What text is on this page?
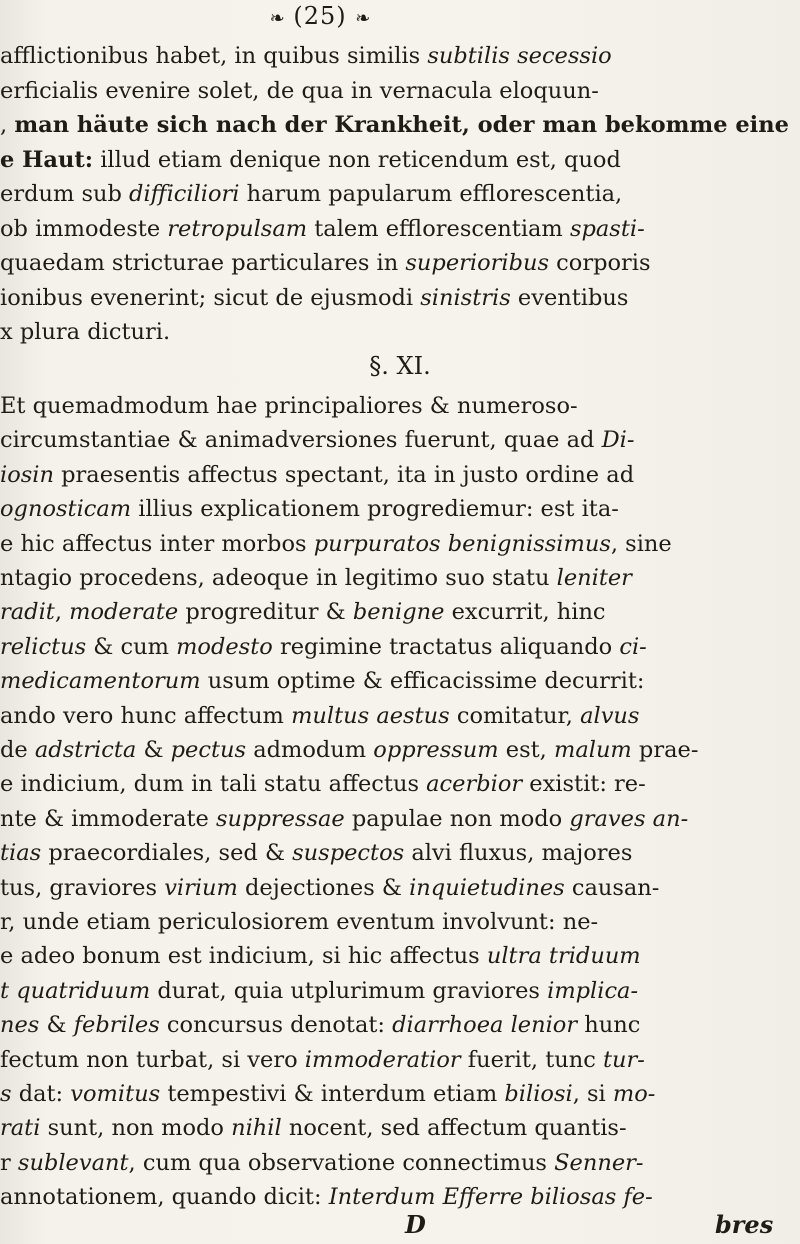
❧ (25) ❧
afflictionibus habet, in quibus similis subtilis secessio
erficialis evenire solet, de qua in vernacula eloquun-
, man häute sich nach der Krankheit, oder man bekomme eine
e Haut: illud etiam denique non reticendum est, quod
erdum sub difficiliori harum papularum efflorescentia,
ob immodeste retropulsam talem efflorescentiam spasti-
quaedam stricturae particulares in superioribus corporis
ionibus evenerint; sicut de ejusmodi sinistris eventibus
x plura dicturi.
Et quemadmodum hae principaliores & numeroso-
circumstantiae & animadversiones fuerunt, quae ad Di-
iosin praesentis affectus spectant, ita in justo ordine ad
ognosticam illius explicationem progrediemur: est ita-
e hic affectus inter morbos purpuratos benignissimus, sine
ntagio procedens, adeoque in legitimo suo statu leniter
radit, moderate progreditur & benigne excurrit, hinc
relictus & cum modesto regimine tractatus aliquando ci-
medicamentorum usum optime & efficacissime decurrit:
ando vero hunc affectum multus aestus comitatur, alvus
de adstricta & pectus admodum oppressum est, malum prae-
e indicium, dum in tali statu affectus acerbior existit: re-
nte & immoderate suppressae papulae non modo graves an-
tias praecordiales, sed & suspectos alvi fluxus, majores
tus, graviores virium dejectiones & inquietudines causan-
r, unde etiam periculosiorem eventum involvunt: ne-
e adeo bonum est indicium, si hic affectus ultra triduum
t quatriduum durat, quia utplurimum graviores implica-
nes & febriles concursus denotat: diarrhoea lenior hunc
fectum non turbat, si vero immoderatior fuerit, tunc tur-
s dat: vomitus tempestivi & interdum etiam biliosi, si mo-
rati sunt, non modo nihil nocent, sed affectum quantis-
r sublevant, cum qua observatione connectimus Senner-
annotationem, quando dicit: Interdum Efferre biliosas fe-
§. XI.
D	bres
